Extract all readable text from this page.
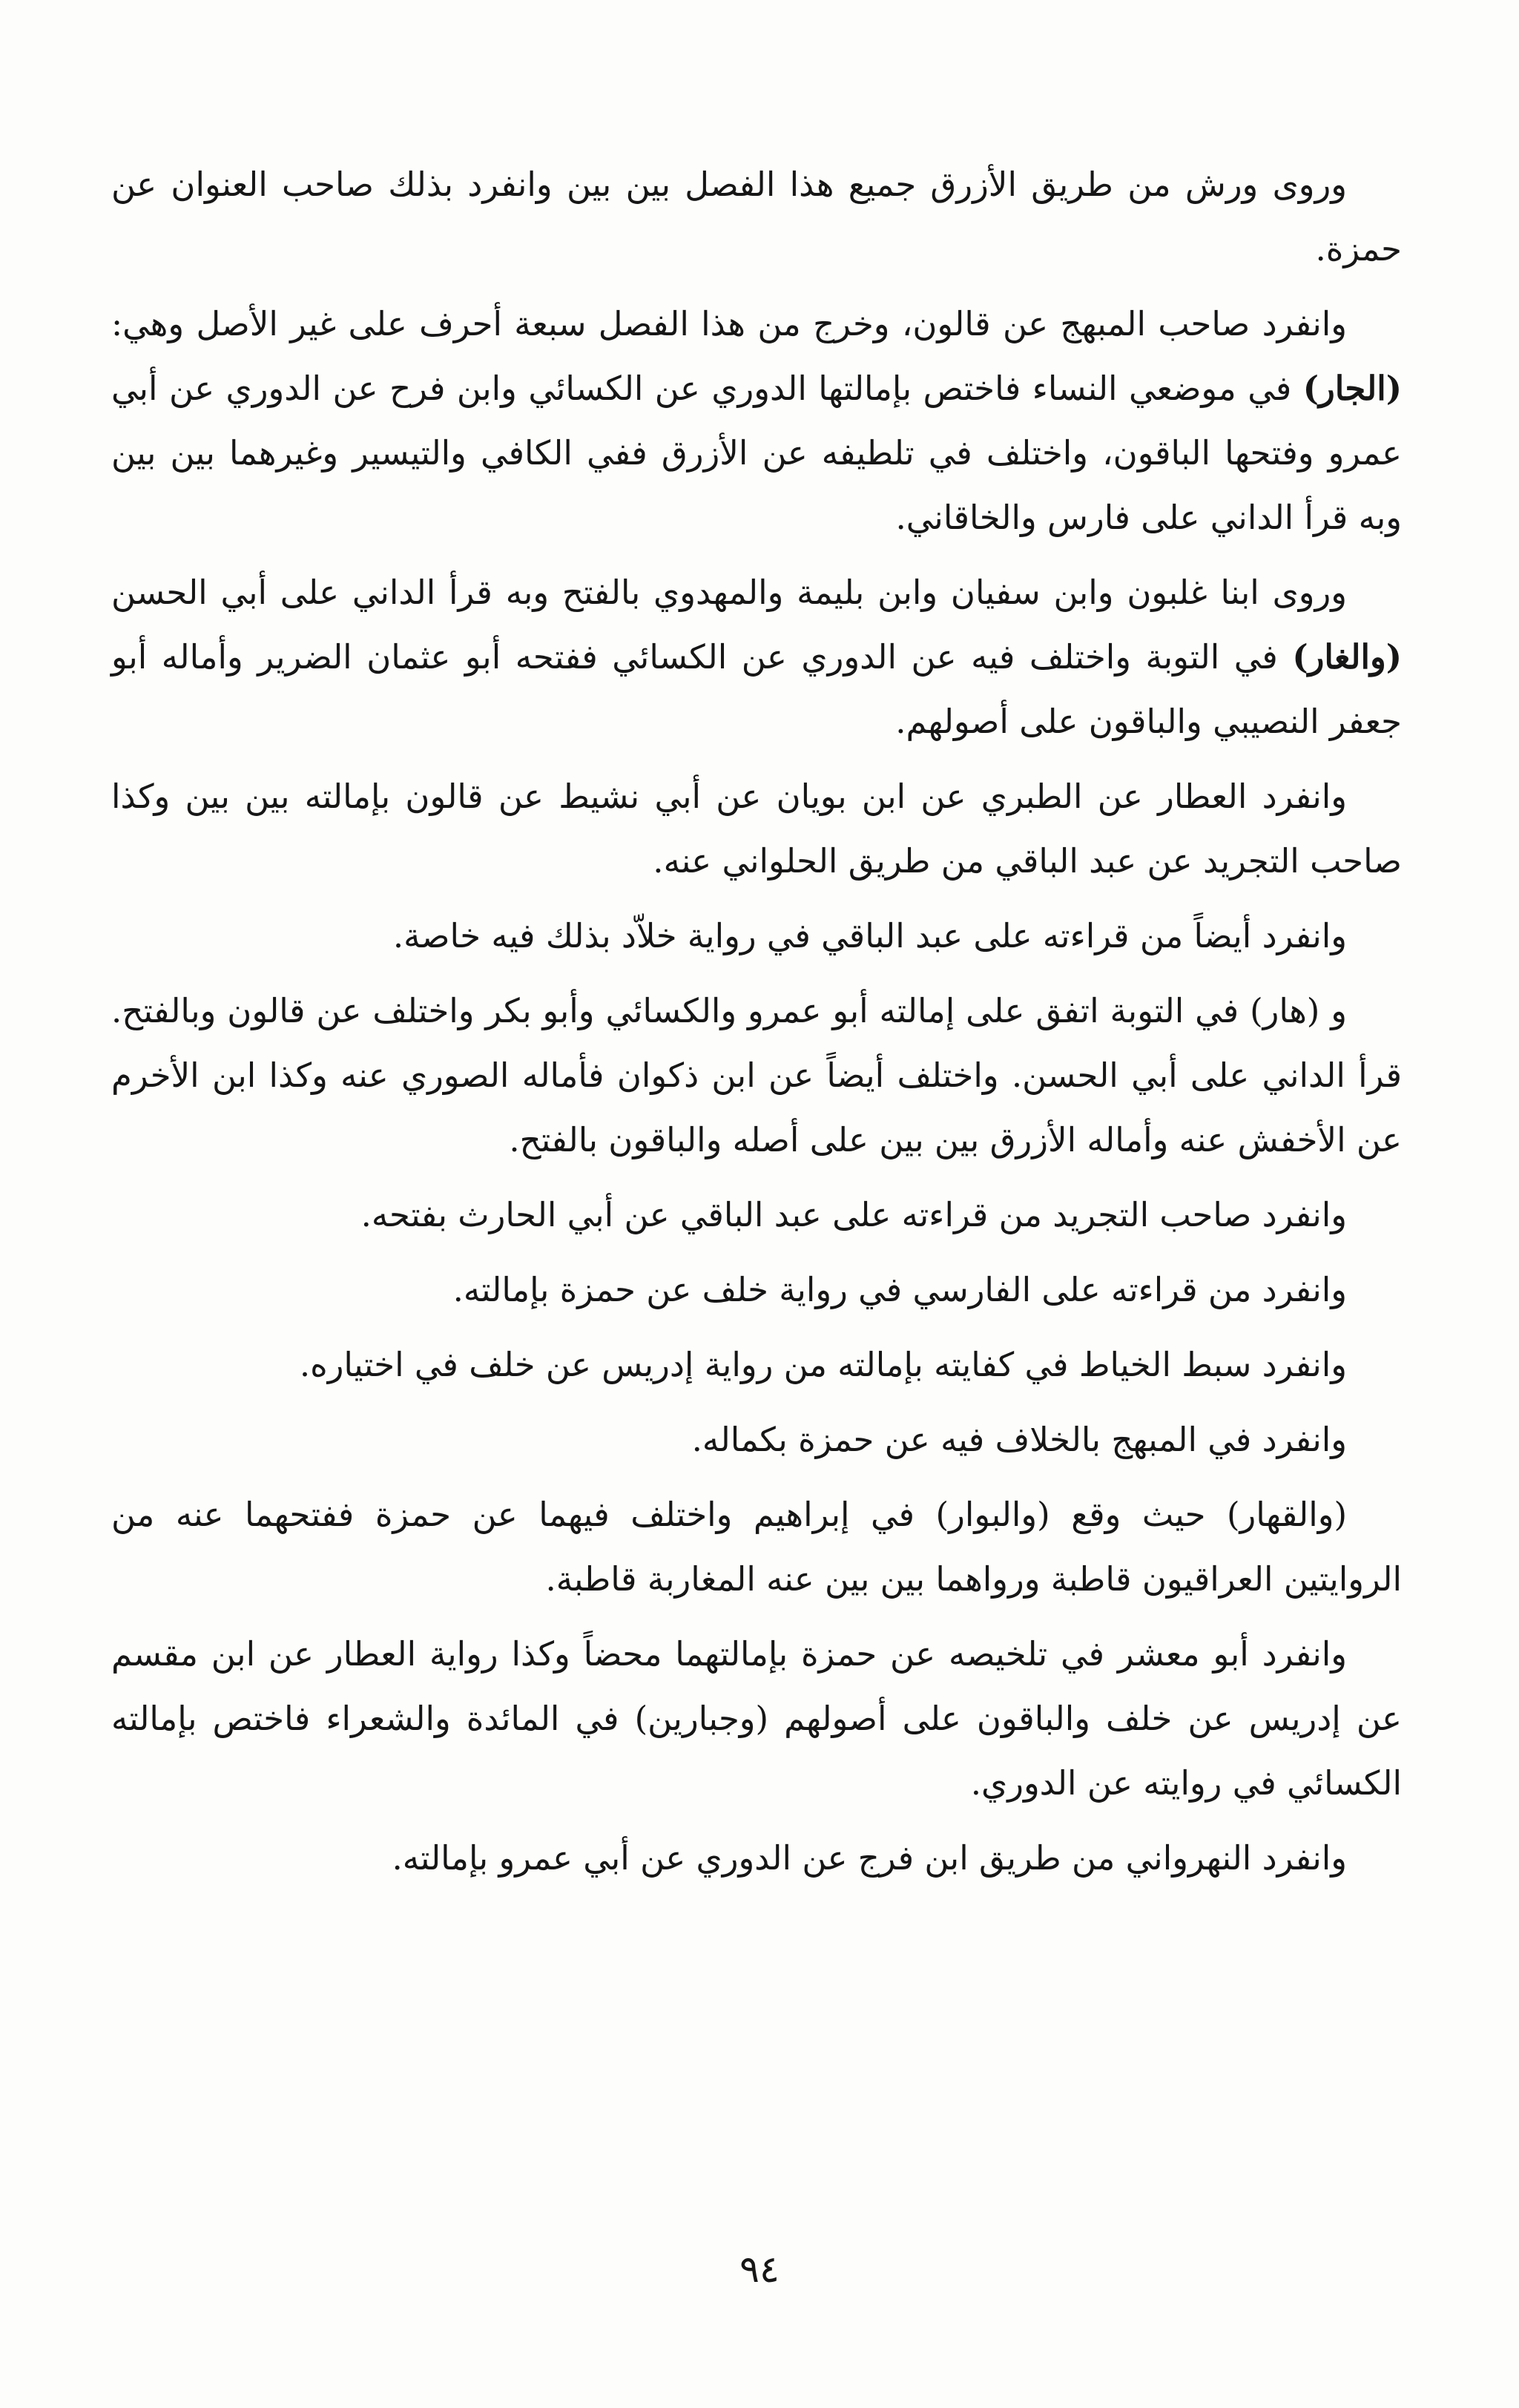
وروى ورش من طريق الأزرق جميع هذا الفصل بين بين وانفرد بذلك صاحب العنوان عن حمزة.

وانفرد صاحب المبهج عن قالون، وخرج من هذا الفصل سبعة أحرف على غير الأصل وهي: (الجار) في موضعي النساء فاختص بإمالتها الدوري عن الكسائي وابن فرح عن الدوري عن أبي عمرو وفتحها الباقون، واختلف في تلطيفه عن الأزرق ففي الكافي والتيسير وغيرهما بين بين وبه قرأ الداني على فارس والخاقاني.

وروى ابنا غلبون وابن سفيان وابن بليمة والمهدوي بالفتح وبه قرأ الداني على أبي الحسن (والغار) في التوبة واختلف فيه عن الدوري عن الكسائي ففتحه أبو عثمان الضرير وأماله أبو جعفر النصيبي والباقون على أصولهم.

وانفرد العطار عن الطبري عن ابن بويان عن أبي نشيط عن قالون بإمالته بين بين وكذا صاحب التجريد عن عبد الباقي من طريق الحلواني عنه.

وانفرد أيضاً من قراءته على عبد الباقي في رواية خلاّد بذلك فيه خاصة.

و (هار) في التوبة اتفق على إمالته أبو عمرو والكسائي وأبو بكر واختلف عن قالون وبالفتح. قرأ الداني على أبي الحسن. واختلف أيضاً عن ابن ذكوان فأماله الصوري عنه وكذا ابن الأخرم عن الأخفش عنه وأماله الأزرق بين بين على أصله والباقون بالفتح.

وانفرد صاحب التجريد من قراءته على عبد الباقي عن أبي الحارث بفتحه.

وانفرد من قراءته على الفارسي في رواية خلف عن حمزة بإمالته.

وانفرد سبط الخياط في كفايته بإمالته من رواية إدريس عن خلف في اختياره.

وانفرد في المبهج بالخلاف فيه عن حمزة بكماله.

(والقهار) حيث وقع (والبوار) في إبراهيم واختلف فيهما عن حمزة ففتحهما عنه من الروايتين العراقيون قاطبة ورواهما بين بين عنه المغاربة قاطبة.

وانفرد أبو معشر في تلخيصه عن حمزة بإمالتهما محضاً وكذا رواية العطار عن ابن مقسم عن إدريس عن خلف والباقون على أصولهم (وجبارين) في المائدة والشعراء فاختص بإمالته الكسائي في روايته عن الدوري.

وانفرد النهرواني من طريق ابن فرج عن الدوري عن أبي عمرو بإمالته.

٩٤
